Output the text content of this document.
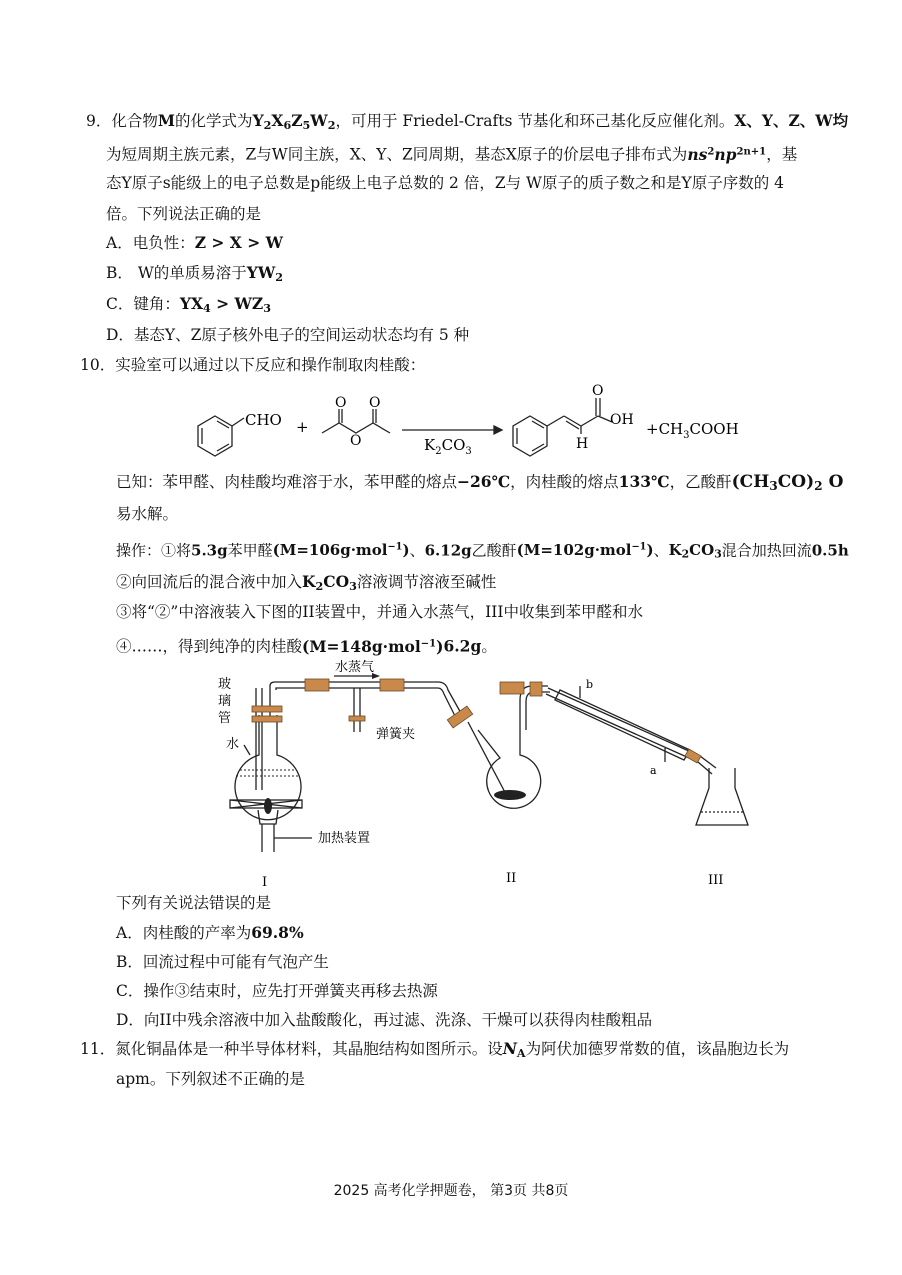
9．化合物M的化学式为$Y_2X_6Z_5W_2$，可用于 Friedel-Crafts 节基化和环己基化反应催化剂。X、Y、Z、W均
为短周期主族元素，Z与W同主族，X、Y、Z同周期，基态X原子的价层电子排布式为$ns^2np^{2n+1}$，基
态Y原子s能级上的电子总数是p能级上电子总数的 2 倍，Z与 W原子的质子数之和是Y原子序数的 4
倍。下列说法正确的是
A．电负性：Z > X > W
B． W的单质易溶于$YW_2$
C．键角：$YX_4 > WZ_3$
D．基态Y、Z原子核外电子的空间运动状态均有 5 种
10．实验室可以通过以下反应和操作制取肉桂酸：
CHO +
O
O
O
$K_2CO_3$
O
OH
H
$+CH_3COOH$
已知：苯甲醛、肉桂酸均难溶于水，苯甲醛的熔点−26℃，肉桂酸的熔点133℃，乙酸酐$(CH_3CO)_2$ O
易水解。
操作：①将5.3g苯甲醛(M=106g·mol$^{-1}$)、6.12g乙酸酐(M=102g·mol$^{-1}$)、$K_2CO_3$混合加热回流0.5h
②向回流后的混合液中加入$K_2CO_3$溶液调节溶液至碱性
③将“②”中溶液装入下图的II装置中，并通入水蒸气，III中收集到苯甲醛和水
④……，得到纯净的肉桂酸(M=148g·mol$^{-1}$)6.2g。
玻
璃
管
水蒸气
弹簧夹
水
加热装置
b
a
I	II	III
下列有关说法错误的是
A．肉桂酸的产率为69.8%
B．回流过程中可能有气泡产生
C．操作③结束时，应先打开弹簧夹再移去热源
D．向II中残余溶液中加入盐酸酸化，再过滤、洗涤、干燥可以获得肉桂酸粗品
11．氮化铜晶体是一种半导体材料，其晶胞结构如图所示。设$N_A$为阿伏加德罗常数的值，该晶胞边长为
apm。下列叙述不正确的是
2025 高考化学押题卷， 第3页 共8页
